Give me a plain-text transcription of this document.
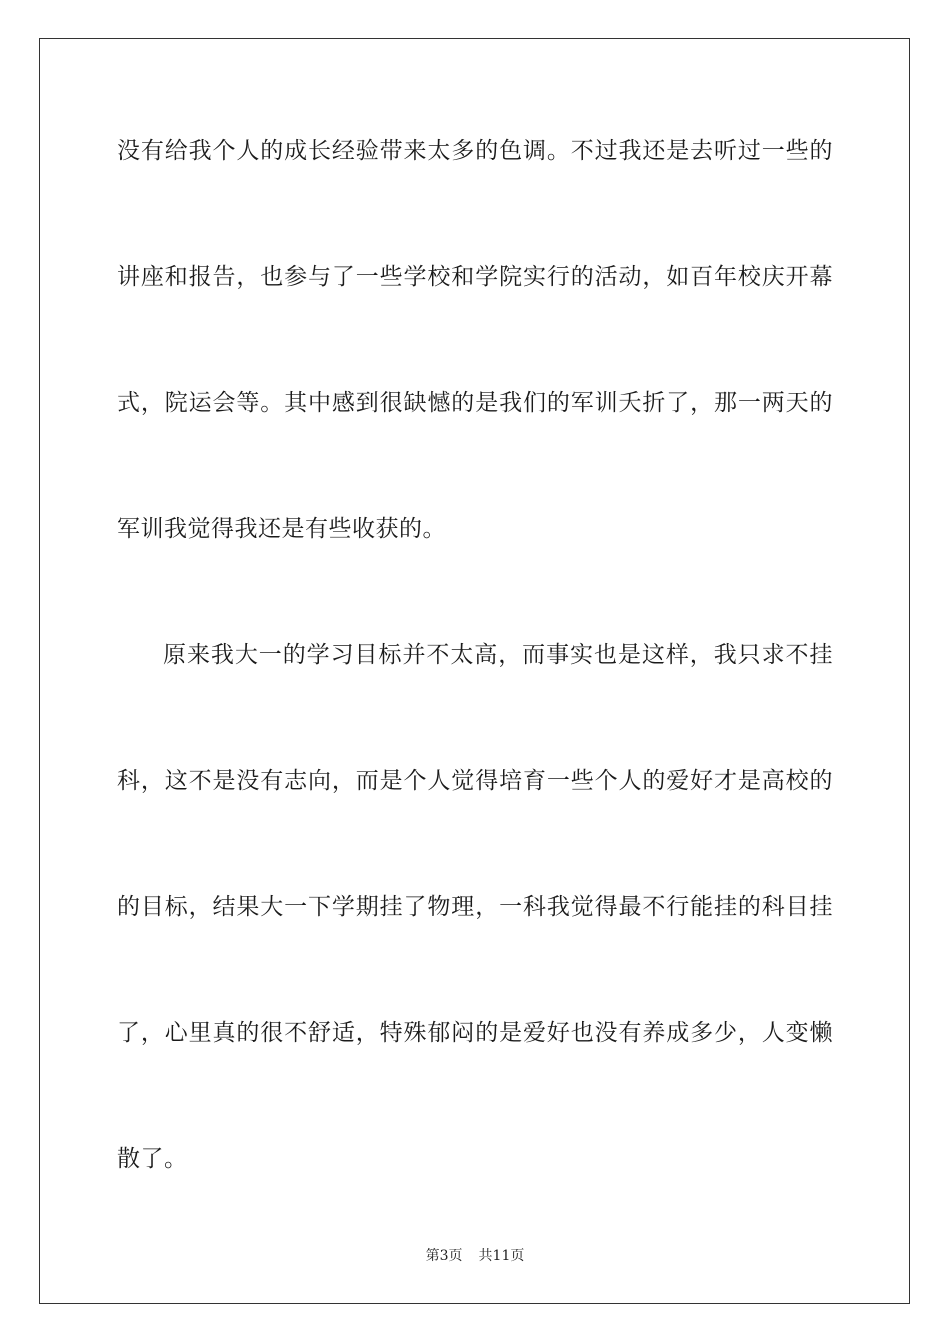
没有给我个人的成长经验带来太多的色调。不过我还是去听过一些的
讲座和报告，也参与了一些学校和学院实行的活动，如百年校庆开幕
式，院运会等。其中感到很缺憾的是我们的军训夭折了，那一两天的
军训我觉得我还是有些收获的。
原来我大一的学习目标并不太高，而事实也是这样，我只求不挂
科，这不是没有志向，而是个人觉得培育一些个人的爱好才是高校的
的目标，结果大一下学期挂了物理，一科我觉得最不行能挂的科目挂
了，心里真的很不舒适，特殊郁闷的是爱好也没有养成多少，人变懒
散了。
第3页 共11页
